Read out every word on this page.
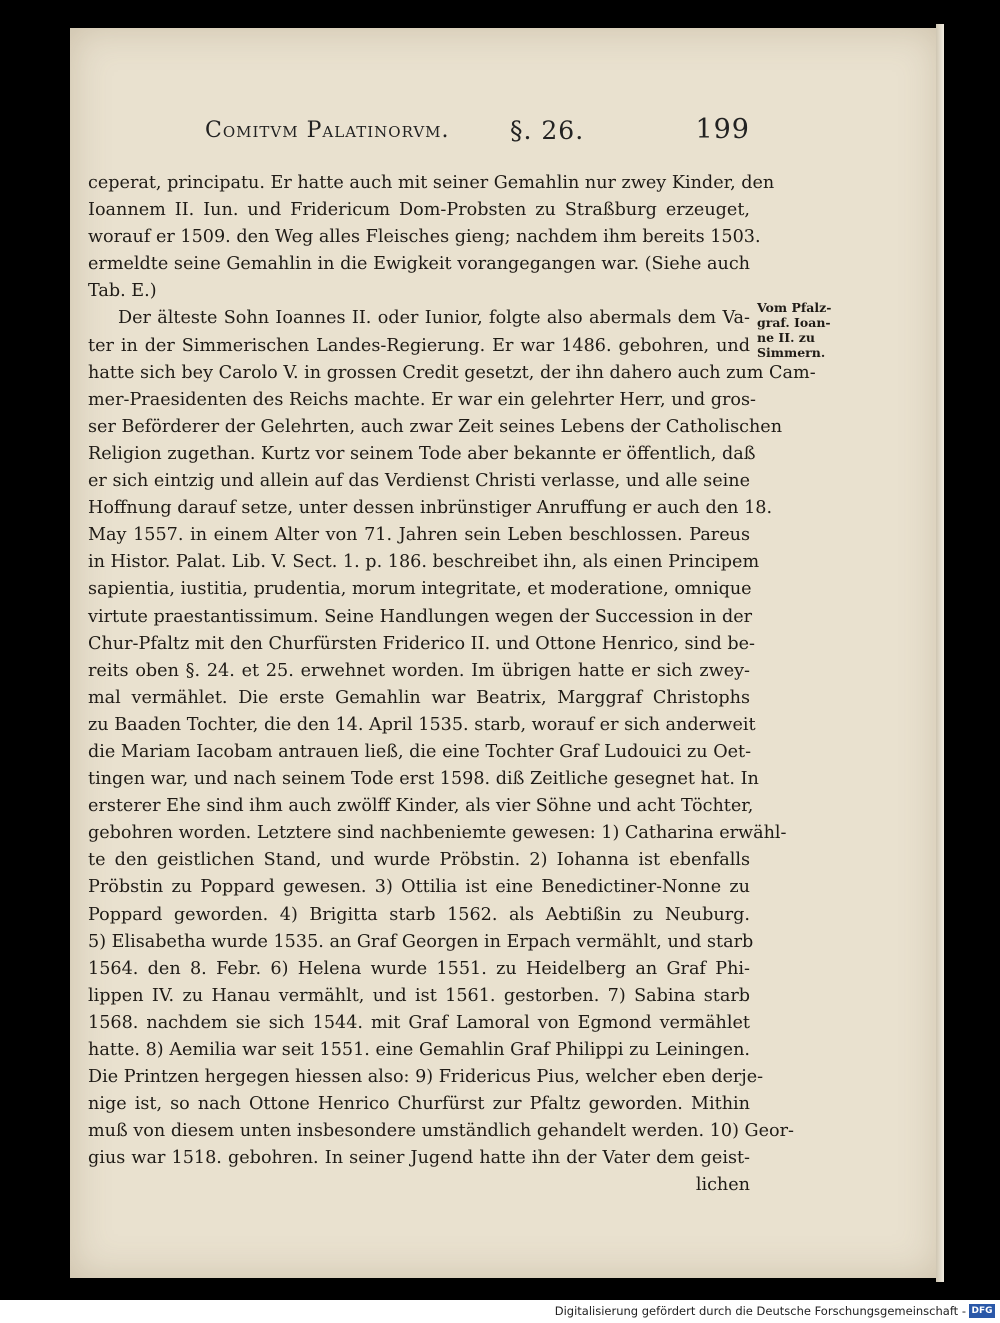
Comitvm Palatinorvm. §. 26.	199
ceperat, principatu. Er hatte auch mit seiner Gemahlin nur zwey Kinder, den
Ioannem II. Iun. und Fridericum Dom-Probsten zu Straßburg erzeuget,
worauf er 1509. den Weg alles Fleisches gieng; nachdem ihm bereits 1503.
ermeldte seine Gemahlin in die Ewigkeit vorangegangen war. (Siehe auch
Tab. E.)
Der älteste Sohn Ioannes II. oder Iunior, folgte also abermals dem Va-
ter in der Simmerischen Landes-Regierung. Er war 1486. gebohren, und
hatte sich bey Carolo V. in grossen Credit gesetzt, der ihn dahero auch zum Cam-
mer-Praesidenten des Reichs machte. Er war ein gelehrter Herr, und gros-
ser Beförderer der Gelehrten, auch zwar Zeit seines Lebens der Catholischen
Religion zugethan. Kurtz vor seinem Tode aber bekannte er öffentlich, daß
er sich eintzig und allein auf das Verdienst Christi verlasse, und alle seine
Hoffnung darauf setze, unter dessen inbrünstiger Anruffung er auch den 18.
May 1557. in einem Alter von 71. Jahren sein Leben beschlossen. Pareus
in Histor. Palat. Lib. V. Sect. 1. p. 186. beschreibet ihn, als einen Principem
sapientia, iustitia, prudentia, morum integritate, et moderatione, omnique
virtute praestantissimum. Seine Handlungen wegen der Succession in der
Chur-Pfaltz mit den Churfürsten Friderico II. und Ottone Henrico, sind be-
reits oben §. 24. et 25. erwehnet worden. Im übrigen hatte er sich zwey-
mal vermählet. Die erste Gemahlin war Beatrix, Marggraf Christophs
zu Baaden Tochter, die den 14. April 1535. starb, worauf er sich anderweit
die Mariam Iacobam antrauen ließ, die eine Tochter Graf Ludouici zu Oet-
tingen war, und nach seinem Tode erst 1598. diß Zeitliche gesegnet hat. In
ersterer Ehe sind ihm auch zwölff Kinder, als vier Söhne und acht Töchter,
gebohren worden. Letztere sind nachbeniemte gewesen: 1) Catharina erwähl-
te den geistlichen Stand, und wurde Pröbstin. 2) Iohanna ist ebenfalls
Pröbstin zu Poppard gewesen. 3) Ottilia ist eine Benedictiner-Nonne zu
Poppard geworden. 4) Brigitta starb 1562. als Aebtißin zu Neuburg.
5) Elisabetha wurde 1535. an Graf Georgen in Erpach vermählt, und starb
1564. den 8. Febr. 6) Helena wurde 1551. zu Heidelberg an Graf Phi-
lippen IV. zu Hanau vermählt, und ist 1561. gestorben. 7) Sabina starb
1568. nachdem sie sich 1544. mit Graf Lamoral von Egmond vermählet
hatte. 8) Aemilia war seit 1551. eine Gemahlin Graf Philippi zu Leiningen.
Die Printzen hergegen hiessen also: 9) Fridericus Pius, welcher eben derje-
nige ist, so nach Ottone Henrico Churfürst zur Pfaltz geworden. Mithin
muß von diesem unten insbesondere umständlich gehandelt werden. 10) Geor-
gius war 1518. gebohren. In seiner Jugend hatte ihn der Vater dem geist-
lichen
Vom Pfalz-
graf. Ioan-
ne II. zu
Simmern.
Digitalisierung gefördert durch die Deutsche Forschungsgemeinschaft - DFG
